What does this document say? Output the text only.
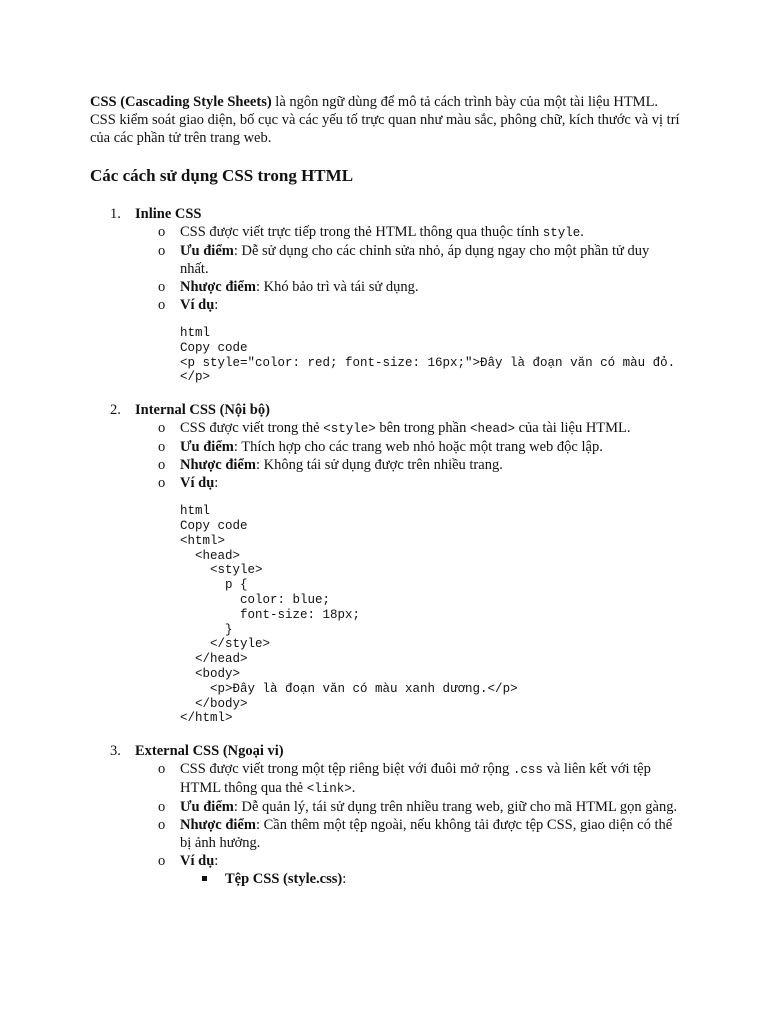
CSS (Cascading Style Sheets) là ngôn ngữ dùng để mô tả cách trình bày của một tài liệu HTML. CSS kiểm soát giao diện, bố cục và các yếu tố trực quan như màu sắc, phông chữ, kích thước và vị trí của các phần tử trên trang web.

Các cách sử dụng CSS trong HTML
1. Inline CSS
o CSS được viết trực tiếp trong thẻ HTML thông qua thuộc tính style.
o Ưu điểm: Dễ sử dụng cho các chỉnh sửa nhỏ, áp dụng ngay cho một phần tử duy nhất.
o Nhược điểm: Khó bảo trì và tái sử dụng.
o Ví dụ:
html
Copy code
<p style="color: red; font-size: 16px;">Đây là đoạn văn có màu đỏ.</p>
2. Internal CSS (Nội bộ)
o CSS được viết trong thẻ <style> bên trong phần <head> của tài liệu HTML.
o Ưu điểm: Thích hợp cho các trang web nhỏ hoặc một trang web độc lập.
o Nhược điểm: Không tái sử dụng được trên nhiều trang.
o Ví dụ:
html
Copy code
<html>
<head>
<style>
p {
color: blue;
font-size: 18px;
}
</style>
</head>
<body>
<p>Đây là đoạn văn có màu xanh dương.</p>
</body>
</html>
3. External CSS (Ngoại vi)
o CSS được viết trong một tệp riêng biệt với đuôi mở rộng .css và liên kết với tệp HTML thông qua thẻ <link>.
o Ưu điểm: Dễ quản lý, tái sử dụng trên nhiều trang web, giữ cho mã HTML gọn gàng.
o Nhược điểm: Cần thêm một tệp ngoài, nếu không tải được tệp CSS, giao diện có thể bị ảnh hưởng.
o Ví dụ:
Tệp CSS (style.css):
